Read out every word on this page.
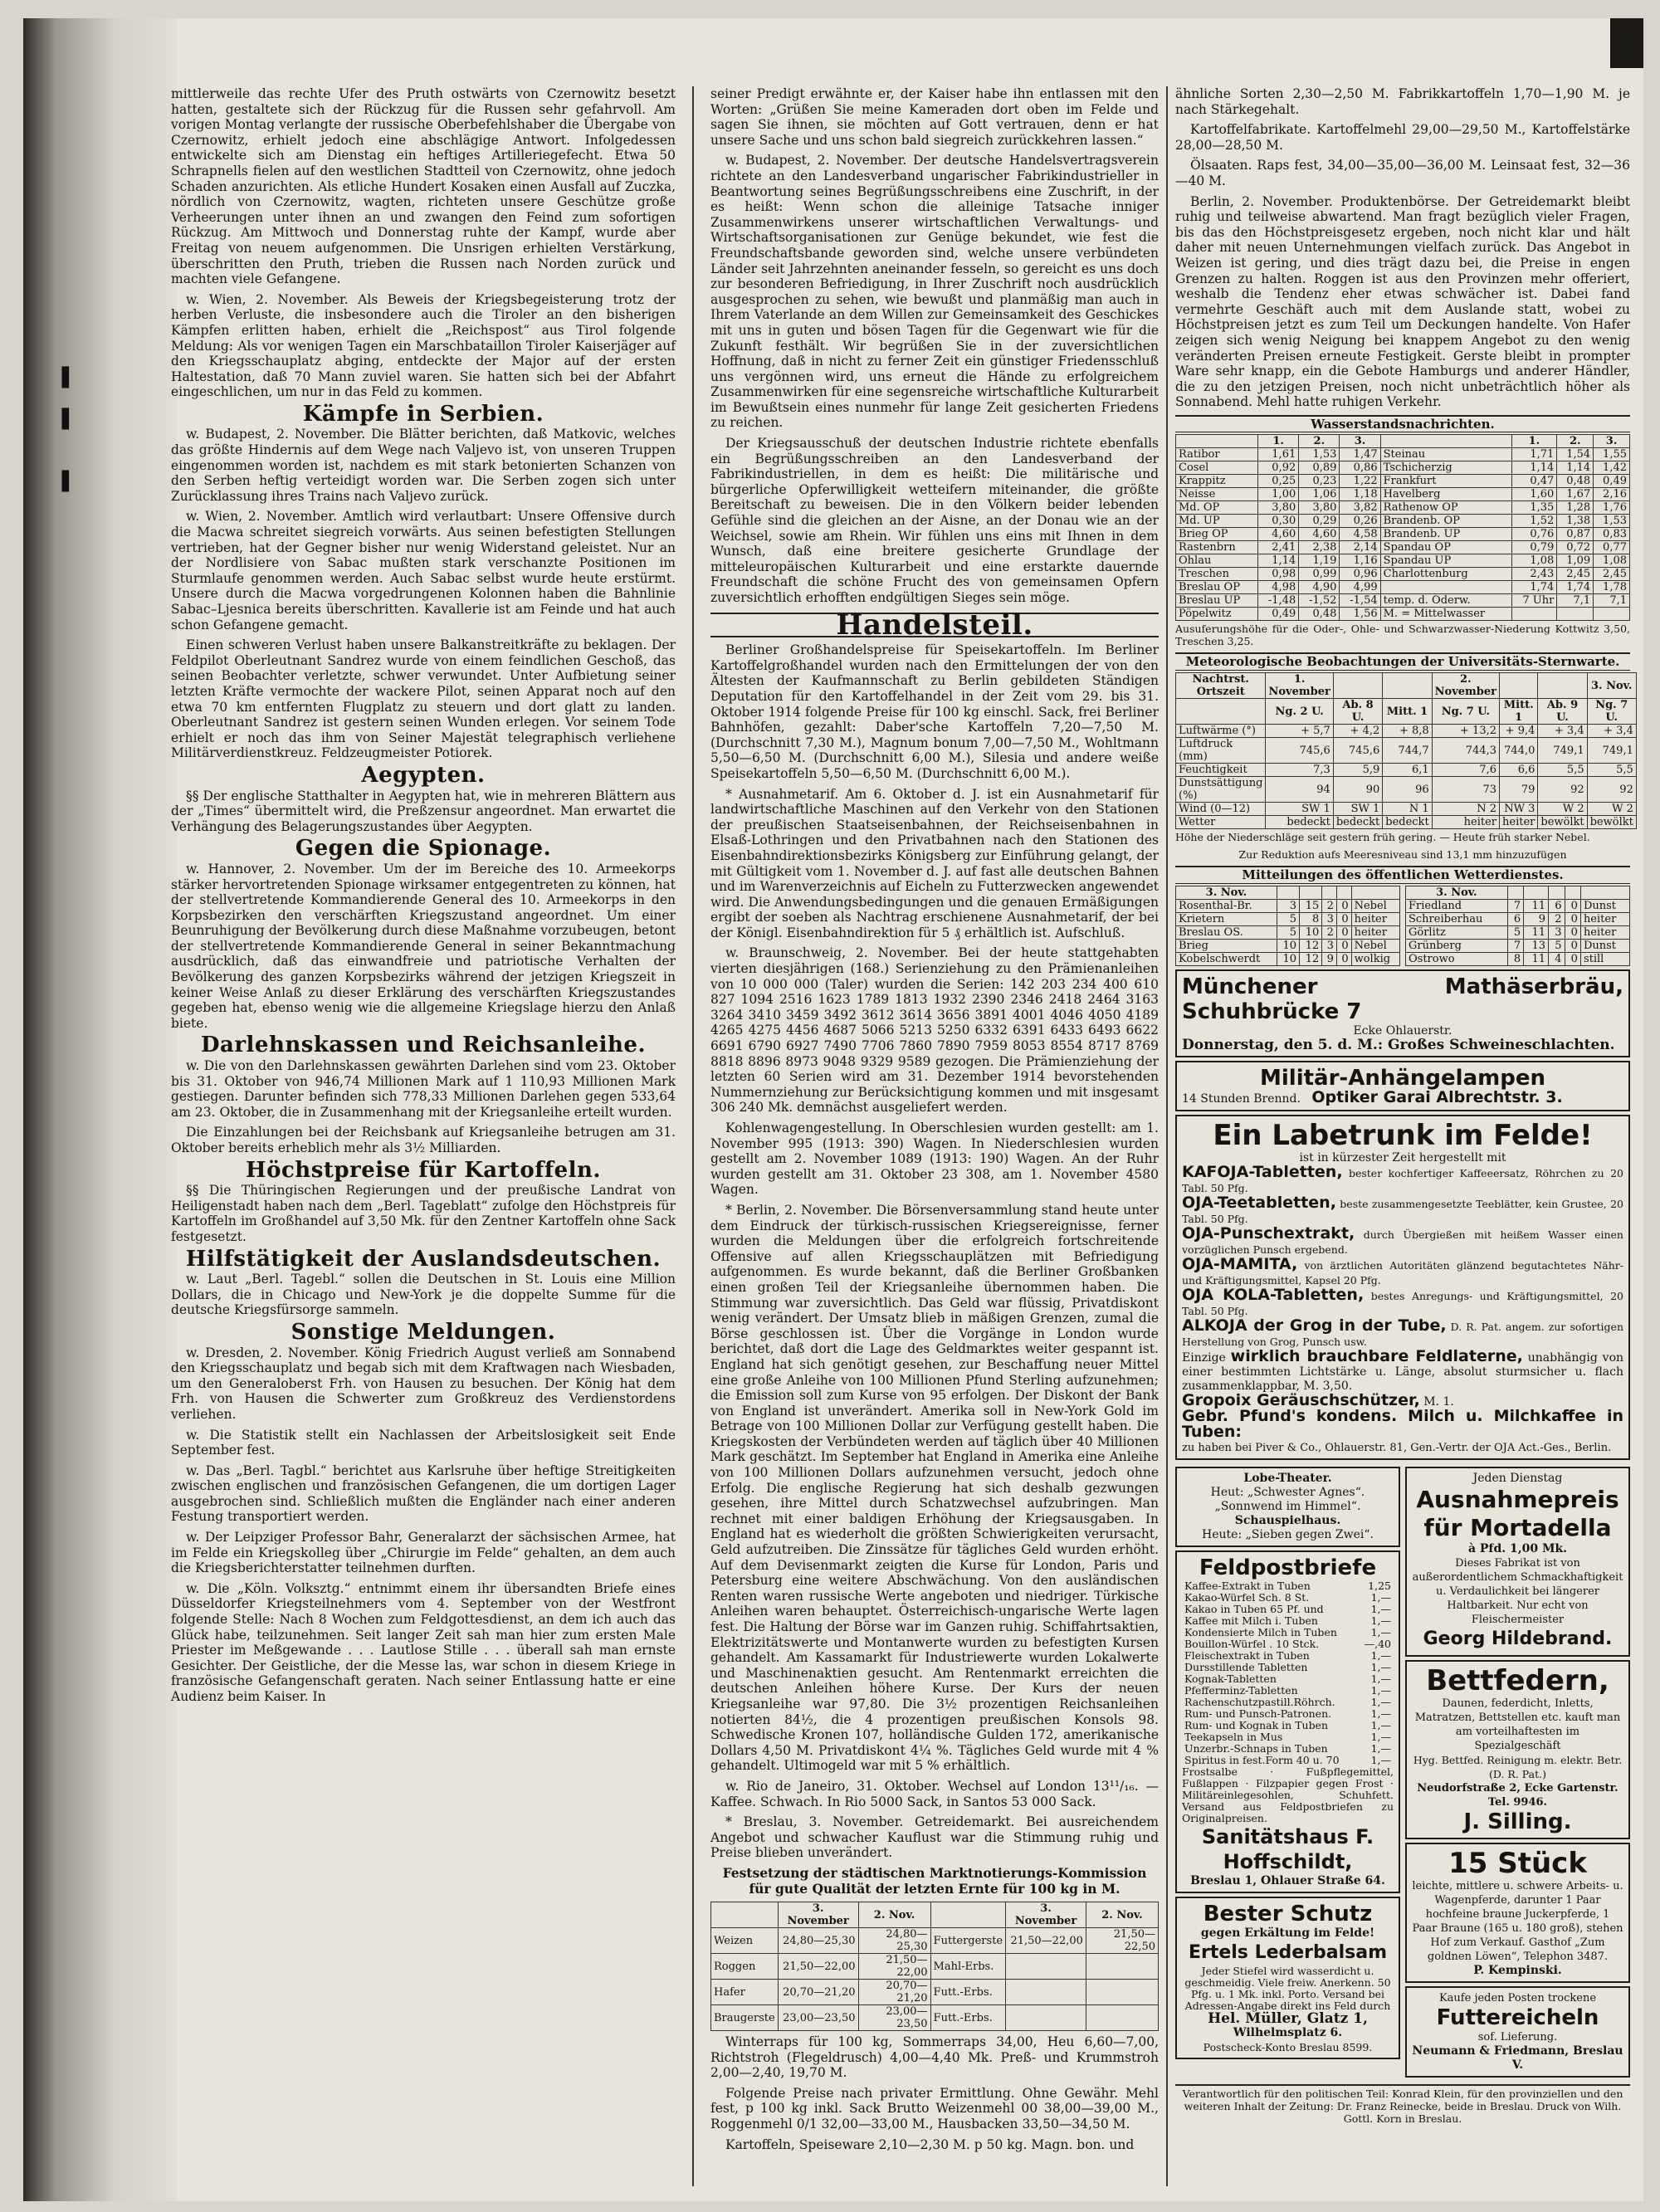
▐
▐
▐

mittlerweile das rechte Ufer des Pruth ostwärts von Czernowitz besetzt hatten, gestaltete sich der Rückzug für die Russen sehr gefahrvoll. Am vorigen Montag verlangte der russische Oberbefehlshaber die Übergabe von Czernowitz, erhielt jedoch eine abschlägige Antwort. Infolgedessen entwickelte sich am Dienstag ein heftiges Artilleriegefecht. Etwa 50 Schrapnells fielen auf den westlichen Stadtteil von Czernowitz, ohne jedoch Schaden anzurichten. Als etliche Hundert Kosaken einen Ausfall auf Zuczka, nördlich von Czernowitz, wagten, richteten unsere Geschütze große Verheerungen unter ihnen an und zwangen den Feind zum sofortigen Rückzug. Am Mittwoch und Donnerstag ruhte der Kampf, wurde aber Freitag von neuem aufgenommen. Die Unsrigen erhielten Verstärkung, überschritten den Pruth, trieben die Russen nach Norden zurück und machten viele Gefangene.

w. Wien, 2. November. Als Beweis der Kriegsbegeisterung trotz der herben Verluste, die insbesondere auch die Tiroler an den bisherigen Kämpfen erlitten haben, erhielt die „Reichspost“ aus Tirol folgende Meldung: Als vor wenigen Tagen ein Marschbataillon Tiroler Kaiserjäger auf den Kriegsschauplatz abging, entdeckte der Major auf der ersten Haltestation, daß 70 Mann zuviel waren. Sie hatten sich bei der Abfahrt eingeschlichen, um nur in das Feld zu kommen.

Kämpfe in Serbien.

w. Budapest, 2. November. Die Blätter berichten, daß Matkovic, welches das größte Hindernis auf dem Wege nach Valjevo ist, von unseren Truppen eingenommen worden ist, nachdem es mit stark betonierten Schanzen von den Serben heftig verteidigt worden war. Die Serben zogen sich unter Zurücklassung ihres Trains nach Valjevo zurück.

w. Wien, 2. November. Amtlich wird verlautbart: Unsere Offensive durch die Macwa schreitet siegreich vorwärts. Aus seinen befestigten Stellungen vertrieben, hat der Gegner bisher nur wenig Widerstand geleistet. Nur an der Nordlisiere von Sabac mußten stark verschanzte Positionen im Sturmlaufe genommen werden. Auch Sabac selbst wurde heute erstürmt. Unsere durch die Macwa vorgedrungenen Kolonnen haben die Bahnlinie Sabac–Ljesnica bereits überschritten. Kavallerie ist am Feinde und hat auch schon Gefangene gemacht.

Einen schweren Verlust haben unsere Balkanstreitkräfte zu beklagen. Der Feldpilot Oberleutnant Sandrez wurde von einem feindlichen Geschoß, das seinen Beobachter verletzte, schwer verwundet. Unter Aufbietung seiner letzten Kräfte vermochte der wackere Pilot, seinen Apparat noch auf den etwa 70 km entfernten Flugplatz zu steuern und dort glatt zu landen. Oberleutnant Sandrez ist gestern seinen Wunden erlegen. Vor seinem Tode erhielt er noch das ihm von Seiner Majestät telegraphisch verliehene Militärverdienstkreuz. Feldzeugmeister Potiorek.

Aegypten.

§§ Der englische Statthalter in Aegypten hat, wie in mehreren Blättern aus der „Times“ übermittelt wird, die Preßzensur angeordnet. Man erwartet die Verhängung des Belagerungszustandes über Aegypten.

Gegen die Spionage.

w. Hannover, 2. November. Um der im Bereiche des 10. Armeekorps stärker hervortretenden Spionage wirksamer entgegentreten zu können, hat der stellvertretende Kommandierende General des 10. Armeekorps in den Korpsbezirken den verschärften Kriegszustand angeordnet. Um einer Beunruhigung der Bevölkerung durch diese Maßnahme vorzubeugen, betont der stellvertretende Kommandierende General in seiner Bekanntmachung ausdrücklich, daß das einwandfreie und patriotische Verhalten der Bevölkerung des ganzen Korpsbezirks während der jetzigen Kriegszeit in keiner Weise Anlaß zu dieser Erklärung des verschärften Kriegszustandes gegeben hat, ebenso wenig wie die allgemeine Kriegslage hierzu den Anlaß biete.

Darlehnskassen und Reichsanleihe.

w. Die von den Darlehnskassen gewährten Darlehen sind vom 23. Oktober bis 31. Oktober von 946,74 Millionen Mark auf 1 110,93 Millionen Mark gestiegen. Darunter befinden sich 778,33 Millionen Darlehen gegen 533,64 am 23. Oktober, die in Zusammenhang mit der Kriegsanleihe erteilt wurden.

Die Einzahlungen bei der Reichsbank auf Kriegsanleihe betrugen am 31. Oktober bereits erheblich mehr als 3½ Milliarden.

Höchstpreise für Kartoffeln.

§§ Die Thüringischen Regierungen und der preußische Landrat von Heiligenstadt haben nach dem „Berl. Tageblatt“ zufolge den Höchstpreis für Kartoffeln im Großhandel auf 3,50 Mk. für den Zentner Kartoffeln ohne Sack festgesetzt.

Hilfstätigkeit der Auslandsdeutschen.

w. Laut „Berl. Tagebl.“ sollen die Deutschen in St. Louis eine Million Dollars, die in Chicago und New-York je die doppelte Summe für die deutsche Kriegsfürsorge sammeln.

Sonstige Meldungen.

w. Dresden, 2. November. König Friedrich August verließ am Sonnabend den Kriegsschauplatz und begab sich mit dem Kraftwagen nach Wiesbaden, um den Generaloberst Frh. von Hausen zu besuchen. Der König hat dem Frh. von Hausen die Schwerter zum Großkreuz des Verdienstordens verliehen.

w. Die Statistik stellt ein Nachlassen der Arbeitslosigkeit seit Ende September fest.

w. Das „Berl. Tagbl.“ berichtet aus Karlsruhe über heftige Streitigkeiten zwischen englischen und französischen Gefangenen, die um dortigen Lager ausgebrochen sind. Schließlich mußten die Engländer nach einer anderen Festung transportiert werden.

w. Der Leipziger Professor Bahr, Generalarzt der sächsischen Armee, hat im Felde ein Kriegskolleg über „Chirurgie im Felde“ gehalten, an dem auch die Kriegsberichterstatter teilnehmen durften.

w. Die „Köln. Volksztg.“ entnimmt einem ihr übersandten Briefe eines Düsseldorfer Kriegsteilnehmers vom 4. September von der Westfront folgende Stelle: Nach 8 Wochen zum Feldgottesdienst, an dem ich auch das Glück habe, teilzunehmen. Seit langer Zeit sah man hier zum ersten Male Priester im Meßgewande . . . Lautlose Stille . . . überall sah man ernste Gesichter. Der Geistliche, der die Messe las, war schon in diesem Kriege in französische Gefangenschaft geraten. Nach seiner Entlassung hatte er eine Audienz beim Kaiser. In

seiner Predigt erwähnte er, der Kaiser habe ihn entlassen mit den Worten: „Grüßen Sie meine Kameraden dort oben im Felde und sagen Sie ihnen, sie möchten auf Gott vertrauen, denn er hat unsere Sache und uns schon bald siegreich zurückkehren lassen.“

w. Budapest, 2. November. Der deutsche Handelsvertragsverein richtete an den Landesverband ungarischer Fabrikindustrieller in Beantwortung seines Begrüßungsschreibens eine Zuschrift, in der es heißt: Wenn schon die alleinige Tatsache inniger Zusammenwirkens unserer wirtschaftlichen Verwaltungs- und Wirtschaftsorganisationen zur Genüge bekundet, wie fest die Freundschaftsbande geworden sind, welche unsere verbündeten Länder seit Jahrzehnten aneinander fesseln, so gereicht es uns doch zur besonderen Befriedigung, in Ihrer Zuschrift noch ausdrücklich ausgesprochen zu sehen, wie bewußt und planmäßig man auch in Ihrem Vaterlande an dem Willen zur Gemeinsamkeit des Geschickes mit uns in guten und bösen Tagen für die Gegenwart wie für die Zukunft festhält. Wir begrüßen Sie in der zuversichtlichen Hoffnung, daß in nicht zu ferner Zeit ein günstiger Friedensschluß uns vergönnen wird, uns erneut die Hände zu erfolgreichem Zusammenwirken für eine segensreiche wirtschaftliche Kulturarbeit im Bewußtsein eines nunmehr für lange Zeit gesicherten Friedens zu reichen.

Der Kriegsausschuß der deutschen Industrie richtete ebenfalls ein Begrüßungsschreiben an den Landesverband der Fabrikindustriellen, in dem es heißt: Die militärische und bürgerliche Opferwilligkeit wetteifern miteinander, die größte Bereitschaft zu beweisen. Die in den Völkern beider lebenden Gefühle sind die gleichen an der Aisne, an der Donau wie an der Weichsel, sowie am Rhein. Wir fühlen uns eins mit Ihnen in dem Wunsch, daß eine breitere gesicherte Grundlage der mitteleuropäischen Kulturarbeit und eine erstarkte dauernde Freundschaft die schöne Frucht des von gemeinsamen Opfern zuversichtlich erhofften endgültigen Sieges sein möge.

Handelsteil.

Berliner Großhandelspreise für Speisekartoffeln. Im Berliner Kartoffelgroßhandel wurden nach den Ermittelungen der von den Ältesten der Kaufmannschaft zu Berlin gebildeten Ständigen Deputation für den Kartoffelhandel in der Zeit vom 29. bis 31. Oktober 1914 folgende Preise für 100 kg einschl. Sack, frei Berliner Bahnhöfen, gezahlt: Daber'sche Kartoffeln 7,20—7,50 M. (Durchschnitt 7,30 M.), Magnum bonum 7,00—7,50 M., Wohltmann 5,50—6,50 M. (Durchschnitt 6,00 M.), Silesia und andere weiße Speisekartoffeln 5,50—6,50 M. (Durchschnitt 6,00 M.).

* Ausnahmetarif. Am 6. Oktober d. J. ist ein Ausnahmetarif für landwirtschaftliche Maschinen auf den Verkehr von den Stationen der preußischen Staatseisenbahnen, der Reichseisenbahnen in Elsaß-Lothringen und den Privatbahnen nach den Stationen des Eisenbahndirektionsbezirks Königsberg zur Einführung gelangt, der mit Gültigkeit vom 1. November d. J. auf fast alle deutschen Bahnen und im Warenverzeichnis auf Eicheln zu Futterzwecken angewendet wird. Die Anwendungsbedingungen und die genauen Ermäßigungen ergibt der soeben als Nachtrag erschienene Ausnahmetarif, der bei der Königl. Eisenbahndirektion für 5 ₰ erhältlich ist. Aufschluß.

w. Braunschweig, 2. November. Bei der heute stattgehabten vierten diesjährigen (168.) Serienziehung zu den Prämienanleihen von 10 000 000 (Taler) wurden die Serien: 142 203 234 400 610 827 1094 2516 1623 1789 1813 1932 2390 2346 2418 2464 3163 3264 3410 3459 3492 3612 3614 3656 3891 4001 4046 4050 4189 4265 4275 4456 4687 5066 5213 5250 6332 6391 6433 6493 6622 6691 6790 6927 7490 7706 7860 7890 7959 8053 8554 8717 8769 8818 8896 8973 9048 9329 9589 gezogen. Die Prämienziehung der letzten 60 Serien wird am 31. Dezember 1914 bevorstehenden Nummernziehung zur Berücksichtigung kommen und mit insgesamt 306 240 Mk. demnächst ausgeliefert werden.

Kohlenwagengestellung. In Oberschlesien wurden gestellt: am 1. November 995 (1913: 390) Wagen. In Niederschlesien wurden gestellt am 2. November 1089 (1913: 190) Wagen. An der Ruhr wurden gestellt am 31. Oktober 23 308, am 1. November 4580 Wagen.

* Berlin, 2. November. Die Börsenversammlung stand heute unter dem Eindruck der türkisch-russischen Kriegsereignisse, ferner wurden die Meldungen über die erfolgreich fortschreitende Offensive auf allen Kriegsschauplätzen mit Befriedigung aufgenommen. Es wurde bekannt, daß die Berliner Großbanken einen großen Teil der Kriegsanleihe übernommen haben. Die Stimmung war zuversichtlich. Das Geld war flüssig, Privatdiskont wenig verändert. Der Umsatz blieb in mäßigen Grenzen, zumal die Börse geschlossen ist. Über die Vorgänge in London wurde berichtet, daß dort die Lage des Geldmarktes weiter gespannt ist. England hat sich genötigt gesehen, zur Beschaffung neuer Mittel eine große Anleihe von 100 Millionen Pfund Sterling aufzunehmen; die Emission soll zum Kurse von 95 erfolgen. Der Diskont der Bank von England ist unverändert. Amerika soll in New-York Gold im Betrage von 100 Millionen Dollar zur Verfügung gestellt haben. Die Kriegskosten der Verbündeten werden auf täglich über 40 Millionen Mark geschätzt. Im September hat England in Amerika eine Anleihe von 100 Millionen Dollars aufzunehmen versucht, jedoch ohne Erfolg. Die englische Regierung hat sich deshalb gezwungen gesehen, ihre Mittel durch Schatzwechsel aufzubringen. Man rechnet mit einer baldigen Erhöhung der Kriegsausgaben. In England hat es wiederholt die größten Schwierigkeiten verursacht, Geld aufzutreiben. Die Zinssätze für tägliches Geld wurden erhöht. Auf dem Devisenmarkt zeigten die Kurse für London, Paris und Petersburg eine weitere Abschwächung. Von den ausländischen Renten waren russische Werte angeboten und niedriger. Türkische Anleihen waren behauptet. Österreichisch-ungarische Werte lagen fest. Die Haltung der Börse war im Ganzen ruhig. Schiffahrtsaktien, Elektrizitätswerte und Montanwerte wurden zu befestigten Kursen gehandelt. Am Kassamarkt für Industriewerte wurden Lokalwerte und Maschinenaktien gesucht. Am Rentenmarkt erreichten die deutschen Anleihen höhere Kurse. Der Kurs der neuen Kriegsanleihe war 97,80. Die 3½ prozentigen Reichsanleihen notierten 84½, die 4 prozentigen preußischen Konsols 98. Schwedische Kronen 107, holländische Gulden 172, amerikanische Dollars 4,50 M. Privatdiskont 4¼ %. Tägliches Geld wurde mit 4 % gehandelt. Ultimogeld war mit 5 % erhältlich.

w. Rio de Janeiro, 31. Oktober. Wechsel auf London 13¹¹/₁₆. — Kaffee. Schwach. In Rio 5000 Sack, in Santos 53 000 Sack.

* Breslau, 3. November. Getreidemarkt. Bei ausreichendem Angebot und schwacher Kauflust war die Stimmung ruhig und Preise blieben unverändert.

Festsetzung der städtischen Marktnotierungs-Kommission für gute Qualität der letzten Ernte für 100 kg in M.

	3. November	2. Nov.		3. November	2. Nov.
Weizen	24,80—25,30	24,80—25,30	Futtergerste	21,50—22,00	21,50—22,50
Roggen	21,50—22,00	21,50—22,00	Mahl-Erbs.		
Hafer	20,70—21,20	20,70—21,20	Futt.-Erbs.		
Braugerste	23,00—23,50	23,00—23,50	Futt.-Erbs.		

Winterraps für 100 kg, Sommerraps 34,00, Heu 6,60—7,00, Richtstroh (Flegeldrusch) 4,00—4,40 Mk. Preß- und Krummstroh 2,00—2,40, 19,70 M.

Folgende Preise nach privater Ermittlung. Ohne Gewähr. Mehl fest, p 100 kg inkl. Sack Brutto Weizenmehl 00 38,00—39,00 M., Roggenmehl 0/1 32,00—33,00 M., Hausbacken 33,50—34,50 M.

Kartoffeln, Speiseware 2,10—2,30 M. p 50 kg. Magn. bon. und

ähnliche Sorten 2,30—2,50 M. Fabrikkartoffeln 1,70—1,90 M. je nach Stärkegehalt.

Kartoffelfabrikate. Kartoffelmehl 29,00—29,50 M., Kartoffelstärke 28,00—28,50 M.

Ölsaaten. Raps fest, 34,00—35,00—36,00 M. Leinsaat fest, 32—36—40 M.

Berlin, 2. November. Produktenbörse. Der Getreidemarkt bleibt ruhig und teilweise abwartend. Man fragt bezüglich vieler Fragen, bis das den Höchstpreisgesetz ergeben, noch nicht klar und hält daher mit neuen Unternehmungen vielfach zurück. Das Angebot in Weizen ist gering, und dies trägt dazu bei, die Preise in engen Grenzen zu halten. Roggen ist aus den Provinzen mehr offeriert, weshalb die Tendenz eher etwas schwächer ist. Dabei fand vermehrte Geschäft auch mit dem Auslande statt, wobei zu Höchstpreisen jetzt es zum Teil um Deckungen handelte. Von Hafer zeigen sich wenig Neigung bei knappem Angebot zu den wenig veränderten Preisen erneute Festigkeit. Gerste bleibt in prompter Ware sehr knapp, ein die Gebote Hamburgs und anderer Händler, die zu den jetzigen Preisen, noch nicht unbeträchtlich höher als Sonnabend. Mehl hatte ruhigen Verkehr.

Wasserstandsnachrichten.
	1.	2.	3.		1.	2.	3.
Ratibor	1,61	1,53	1,47	Steinau	1,71	1,54	1,55
Cosel	0,92	0,89	0,86	Tschicherzig	1,14	1,14	1,42
Krappitz	0,25	0,23	1,22	Frankfurt	0,47	0,48	0,49
Neisse	1,00	1,06	1,18	Havelberg	1,60	1,67	2,16
Md. OP	3,80	3,80	3,82	Rathenow OP	1,35	1,28	1,76
Md. UP	0,30	0,29	0,26	Brandenb. OP	1,52	1,38	1,53
Brieg OP	4,60	4,60	4,58	Brandenb. UP	0,76	0,87	0,83
Rastenbrn	2,41	2,38	2,14	Spandau OP	0,79	0,72	0,77
Ohlau	1,14	1,19	1,16	Spandau UP	1,08	1,09	1,08
Treschen	0,98	0,99	0,96	Charlottenburg	2,43	2,45	2,45
Breslau OP	4,98	4,90	4,99		1,74	1,74	1,78
Breslau UP	-1,48	-1,52	-1,54	temp. d. Oderw.	7 Uhr	7,1	7,1
Pöpelwitz	0,49	0,48	1,56	M. = Mittelwasser			
Ausuferungshöhe für die Oder-, Ohle- und Schwarzwasser-Niederung Kottwitz 3,50, Treschen 3,25.
Meteorologische Beobachtungen der Universitäts-Sternwarte.
Nachtrst. Ortszeit	1. November			2. November			3. Nov.
	Ng. 2 U.	Ab. 8 U.	Mitt. 1	Ng. 7 U.	Mitt. 1	Ab. 9 U.	Ng. 7 U.
Luftwärme (°)	+ 5,7	+ 4,2	+ 8,8	+ 13,2	+ 9,4	+ 3,4	+ 3,4
Luftdruck (mm)	745,6	745,6	744,7	744,3	744,0	749,1	749,1
Feuchtigkeit	7,3	5,9	6,1	7,6	6,6	5,5	5,5
Dunstsättigung (%)	94	90	96	73	79	92	92
Wind (0—12)	SW 1	SW 1	N 1	N 2	NW 3	W 2	W 2
Wetter	bedeckt	bedeckt	bedeckt	heiter	heiter	bewölkt	bewölkt
Höhe der Niederschläge seit gestern früh gering. — Heute früh starker Nebel.
Zur Reduktion aufs Meeresniveau sind 13,1 mm hinzuzufügen
Mitteilungen des öffentlichen Wetterdienstes.
3. Nov.					
Rosenthal-Br.	3	15	2	0	Nebel
Krietern	5	8	3	0	heiter
Breslau OS.	5	10	2	0	heiter
Brieg	10	12	3	0	Nebel
Kobelschwerdt	10	12	9	0	wolkig
3. Nov.					
Friedland	7	11	6	0	Dunst
Schreiberhau	6	9	2	0	heiter
Görlitz	5	11	3	0	heiter
Grünberg	7	13	5	0	Dunst
Ostrowo	8	11	4	0	still
Münchener Mathäserbräu, Schuhbrücke 7
Ecke Ohlauerstr.
Donnerstag, den 5. d. M.: Großes Schweineschlachten.
Militär-Anhängelampen
14 Stunden Brennd. Optiker Garai Albrechtstr. 3.
Ein Labetrunk im Felde!
ist in kürzester Zeit hergestellt mit
KAFOJA-Tabletten, bester kochfertiger Kaffeeersatz, Röhrchen zu 20 Tabl. 50 Pfg.
OJA-Teetabletten, beste zusammengesetzte Teeblätter, kein Grustee, 20 Tabl. 50 Pfg.
OJA-Punschextrakt, durch Übergießen mit heißem Wasser einen vorzüglichen Punsch ergebend.
OJA-MAMITA, von ärztlichen Autoritäten glänzend begutachtetes Nähr- und Kräftigungsmittel, Kapsel 20 Pfg.
OJA KOLA-Tabletten, bestes Anregungs- und Kräftigungsmittel, 20 Tabl. 50 Pfg.
ALKOJA der Grog in der Tube, D. R. Pat. angem. zur sofortigen Herstellung von Grog, Punsch usw.
Einzige wirklich brauchbare Feldlaterne, unabhängig von einer bestimmten Lichtstärke u. Länge, absolut sturmsicher u. flach zusammenklappbar, M. 3,50.
Gropoix Geräuschschützer, M. 1.
Gebr. Pfund's kondens. Milch u. Milchkaffee in Tuben:
zu haben bei Piver & Co., Ohlauerstr. 81, Gen.-Vertr. der OJA Act.-Ges., Berlin.
Lobe-Theater.
Heut: „Schwester Agnes“.
„Sonnwend im Himmel“.
Schauspielhaus.
Heute: „Sieben gegen Zwei“.
Feldpostbriefe
Kaffee-Extrakt in Tuben	1,25
Kakao-Würfel Sch. 8 St.	1,—
Kakao in Tuben 65 Pf. und	1,—
Kaffee mit Milch i. Tuben	1,—
Kondensierte Milch in Tuben	1,—
Bouillon-Würfel . 10 Stck.	—,40
Fleischextrakt in Tuben	1,—
Dursstillende Tabletten	1,—
Kognak-Tabletten	1,—
Pfefferminz-Tabletten	1,—
Rachenschutzpastill.Röhrch.	1,—
Rum- und Punsch-Patronen.	1,—
Rum- und Kognak in Tuben	1,—
Teekapseln in Mus	1,—
Unzerbr.-Schnaps in Tuben	1,—
Spiritus in fest.Form 40 u. 70	1,—
Frostsalbe · Fußpflegemittel, Fußlappen · Filzpapier gegen Frost · Militäreinlegesohlen, Schuhfett. Versand aus Feldpostbriefen zu Originalpreisen.
Sanitätshaus F. Hoffschildt,
Breslau 1, Ohlauer Straße 64.
Bester Schutz
gegen Erkältung im Felde!
Ertels Lederbalsam
Jeder Stiefel wird wasserdicht u. geschmeidig. Viele freiw. Anerkenn. 50 Pfg. u. 1 Mk. inkl. Porto. Versand bei Adressen-Angabe direkt ins Feld durch
Hel. Müller, Glatz 1,
Wilhelmsplatz 6.
Postscheck-Konto Breslau 8599.
Jeden Dienstag
Ausnahmepreis für Mortadella
à Pfd. 1,00 Mk.
Dieses Fabrikat ist von außerordentlichem Schmackhaftigkeit u. Verdaulichkeit bei längerer Haltbarkeit. Nur echt von Fleischermeister
Georg Hildebrand.
Bettfedern,
Daunen, federdicht, Inletts, Matratzen, Bettstellen etc. kauft man am vorteilhaftesten im Spezialgeschäft
Hyg. Bettfed. Reinigung m. elektr. Betr. (D. R. Pat.)
Neudorfstraße 2, Ecke Gartenstr. Tel. 9946.
J. Silling.
15 Stück
leichte, mittlere u. schwere Arbeits- u. Wagenpferde, darunter 1 Paar hochfeine braune Juckerpferde, 1 Paar Braune (165 u. 180 groß), stehen Hof zum Verkauf. Gasthof „Zum goldnen Löwen“, Telephon 3487.
P. Kempinski.
Kaufe jeden Posten trockene
Futtereicheln
sof. Lieferung.
Neumann & Friedmann, Breslau V.
Verantwortlich für den politischen Teil: Konrad Klein, für den provinziellen und den weiteren Inhalt der Zeitung: Dr. Franz Reinecke, beide in Breslau. Druck von Wilh. Gottl. Korn in Breslau.
